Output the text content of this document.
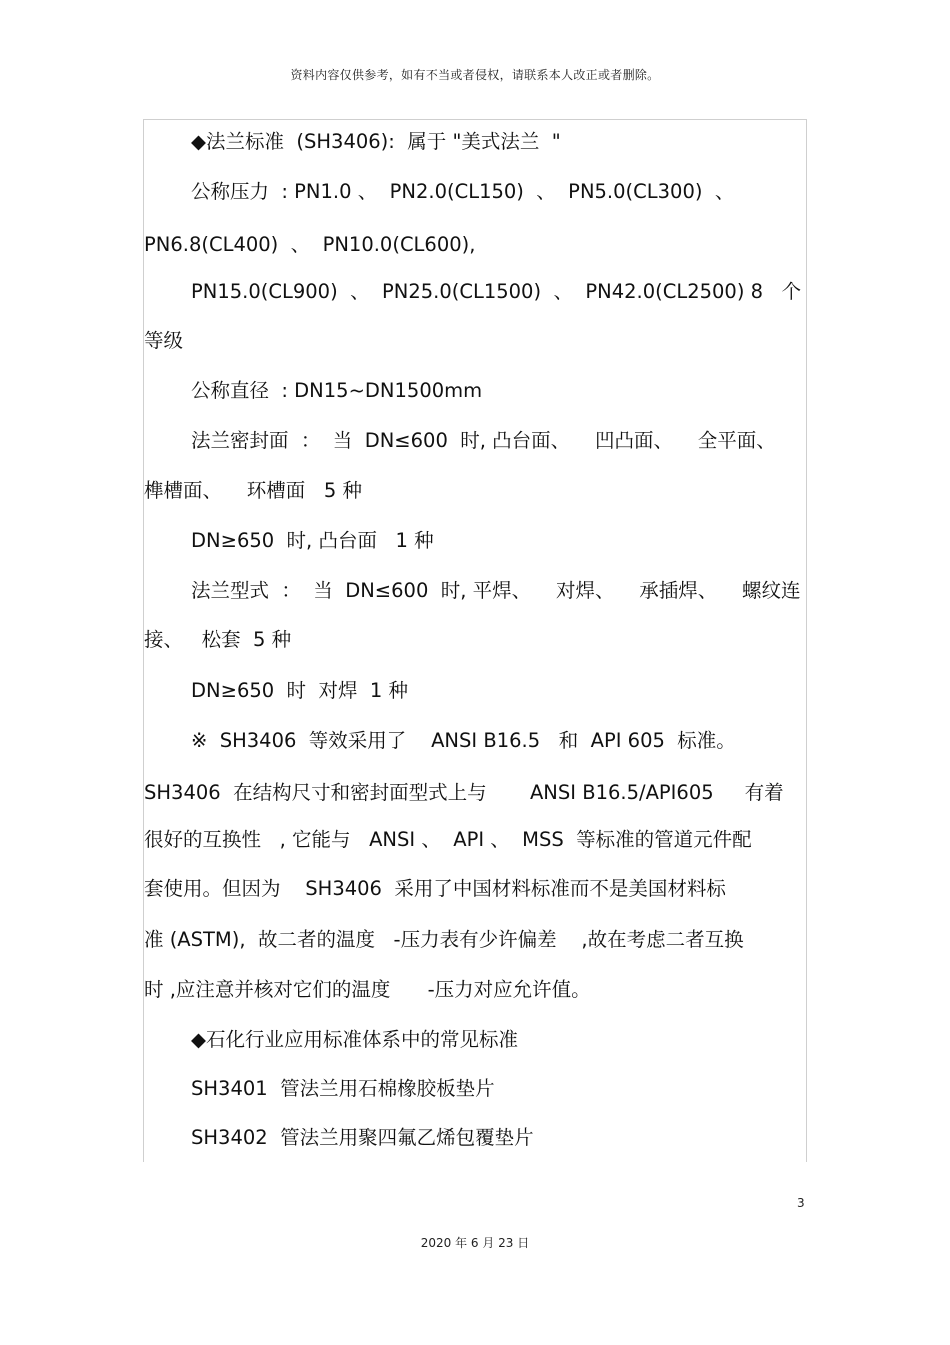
资料内容仅供参考，如有不当或者侵权，请联系本人改正或者删除。
◆法兰标准  (SH3406):  属于 "美式法兰  "
公称压力  : PN1.0 、  PN2.0(CL150)  、  PN5.0(CL300)  、
PN6.8(CL400)  、  PN10.0(CL600),
PN15.0(CL900)  、  PN25.0(CL1500)  、  PN42.0(CL2500) 8   个
等级
公称直径  : DN15~DN1500mm
法兰密封面  ：  当  DN≤600  时, 凸台面、    凹凸面、    全平面、
榫槽面、    环槽面   5 种
DN≥650  时, 凸台面   1 种
法兰型式  ：  当  DN≤600  时, 平焊、    对焊、    承插焊、    螺纹连
接、   松套  5 种
DN≥650  时  对焊  1 种
※  SH3406  等效采用了    ANSI B16.5   和  API 605  标准。
SH3406  在结构尺寸和密封面型式上与       ANSI B16.5/API605     有着
很好的互换性   , 它能与   ANSI 、  API 、  MSS  等标准的管道元件配
套使用。但因为    SH3406  采用了中国材料标准而不是美国材料标
准 (ASTM),  故二者的温度   -压力表有少许偏差    ,故在考虑二者互换
时 ,应注意并核对它们的温度      -压力对应允许值。
◆石化行业应用标准体系中的常见标准
SH3401  管法兰用石棉橡胶板垫片
SH3402  管法兰用聚四氟乙烯包覆垫片
3
2020 年 6 月 23 日
